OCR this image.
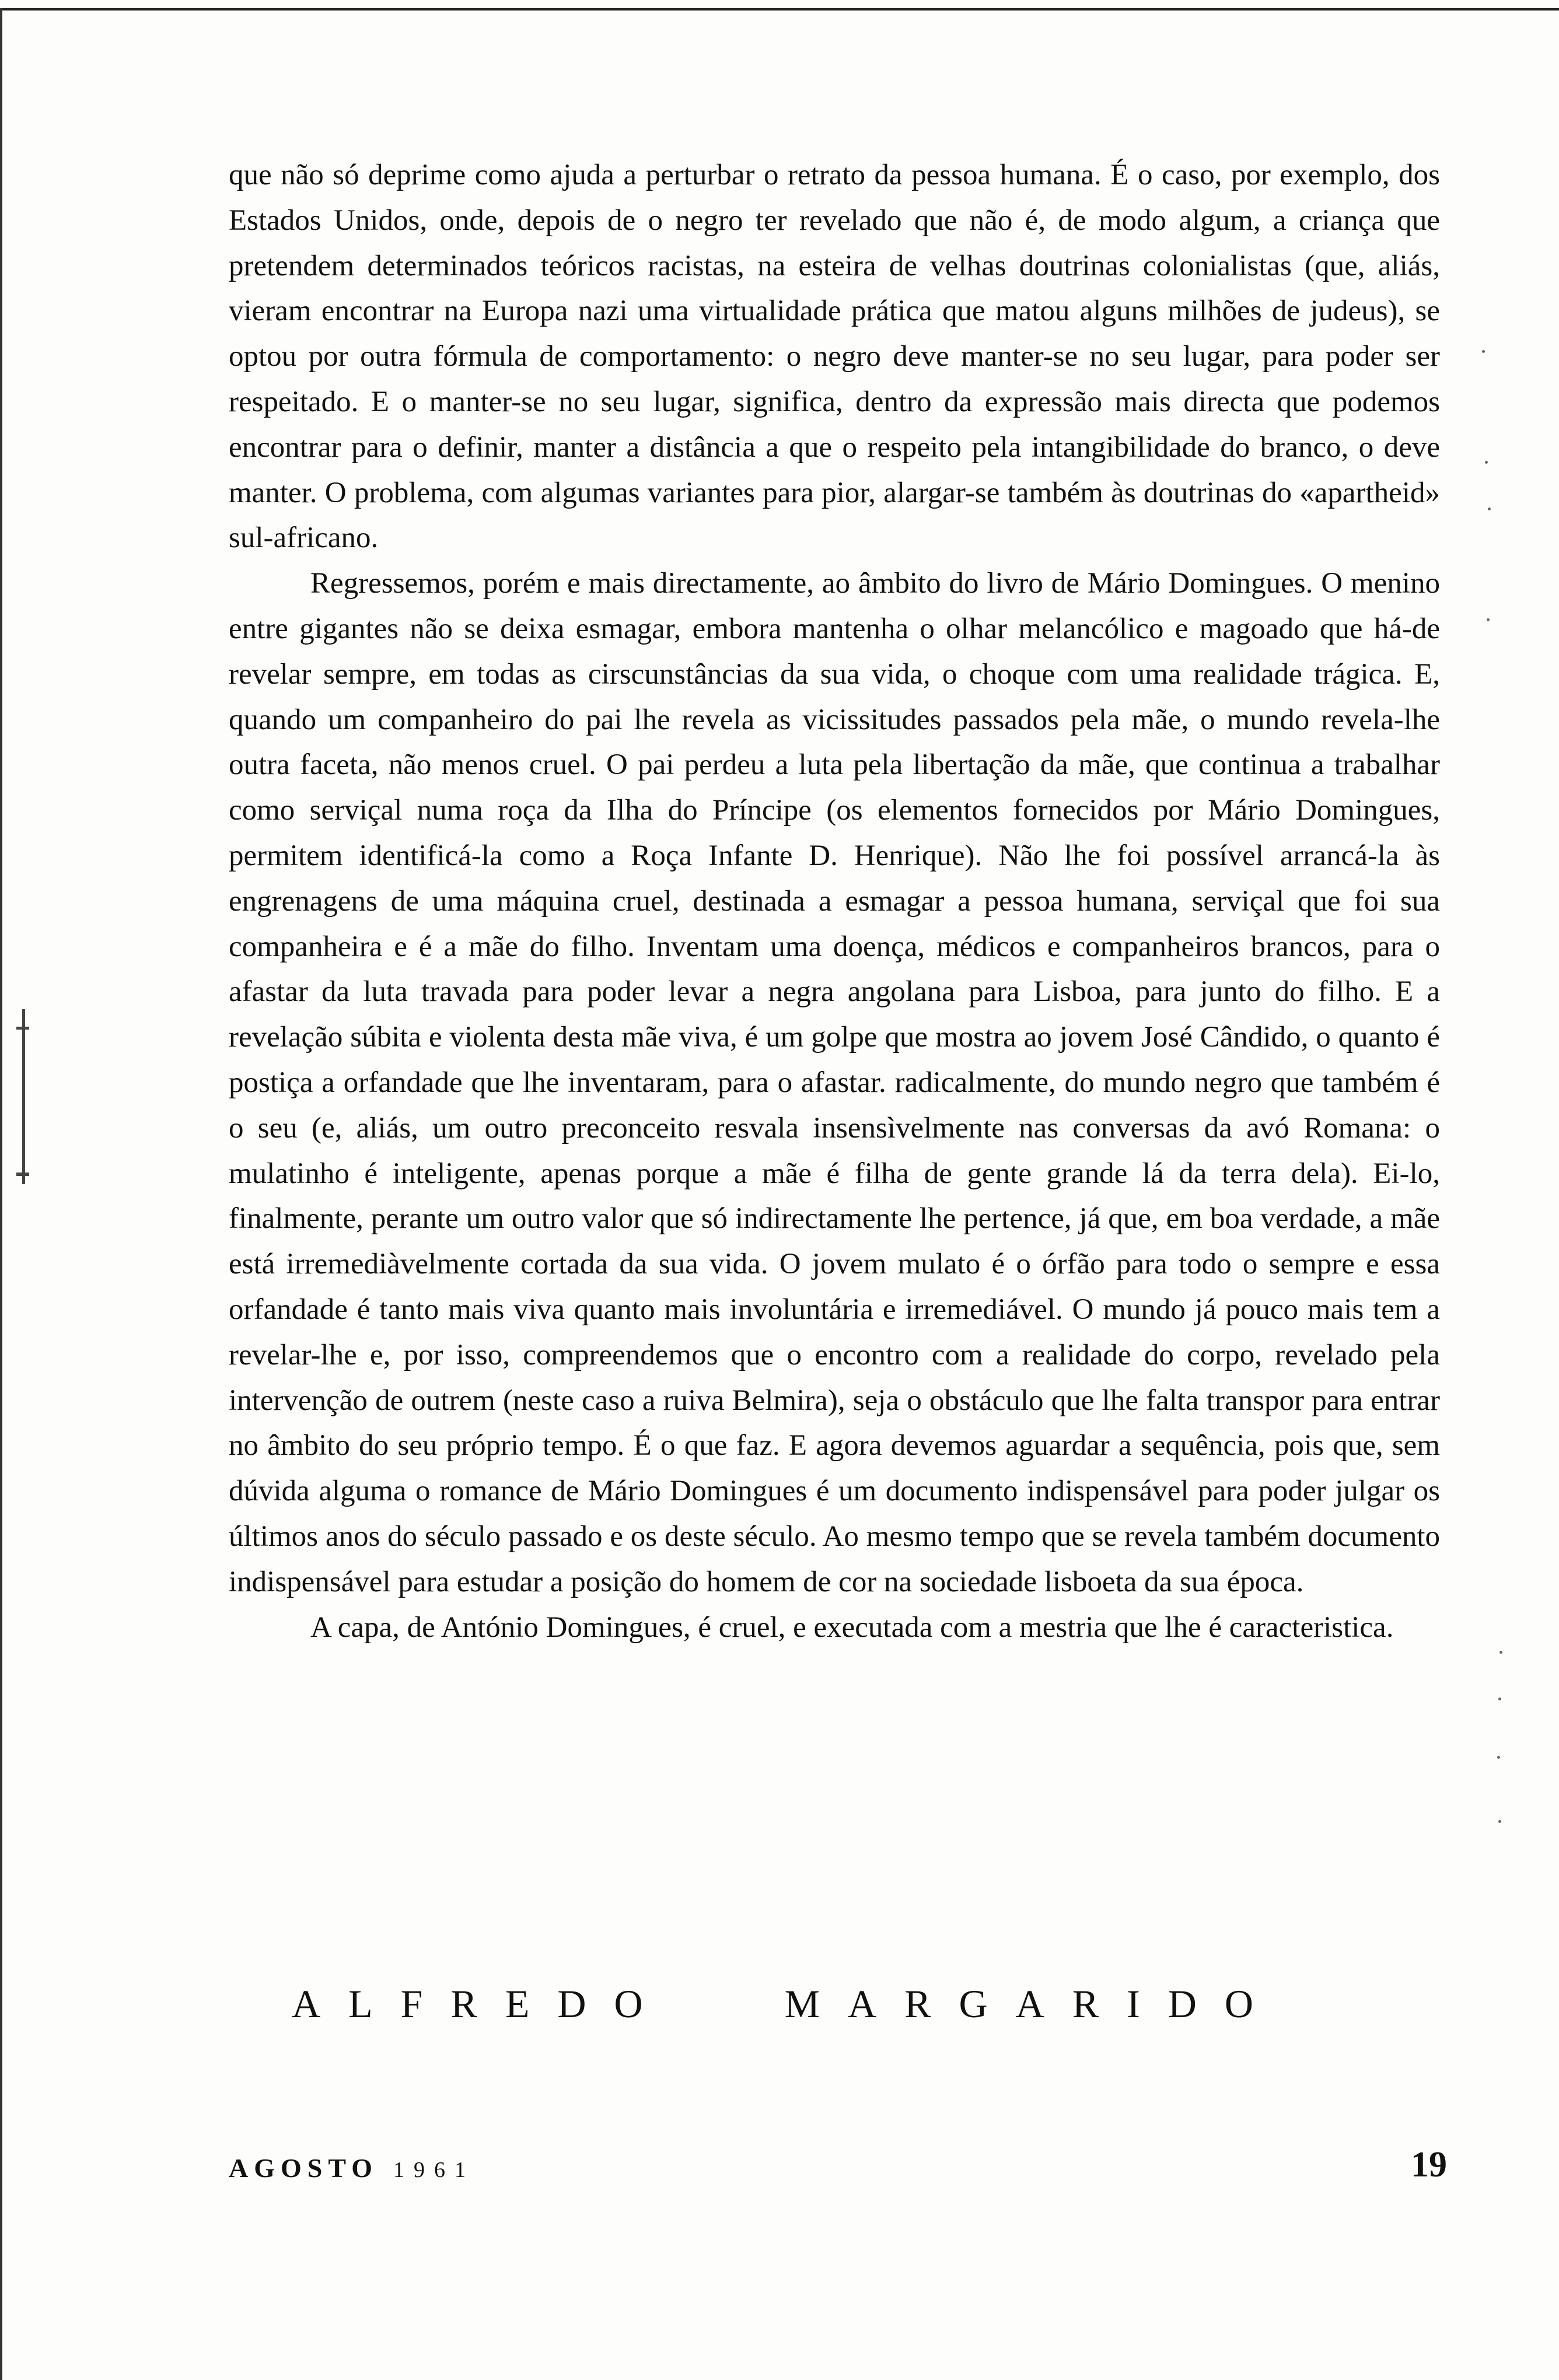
que não só deprime como ajuda a perturbar o retrato da pessoa humana. É o caso, por exemplo, dos Estados Unidos, onde, depois de o negro ter revelado que não é, de modo algum, a criança que pretendem determinados teóricos racistas, na esteira de velhas doutrinas colonialistas (que, aliás, vieram encontrar na Europa nazi uma virtualidade prática que matou alguns milhões de judeus), se optou por outra fórmula de comportamento: o negro deve manter-se no seu lugar, para poder ser respeitado. E o manter-se no seu lugar, significa, dentro da expressão mais directa que podemos encontrar para o definir, manter a distância a que o respeito pela intangibilidade do branco, o deve manter. O problema, com algumas variantes para pior, alargar-se também às doutrinas do «apartheid» sul-africano.

Regressemos, porém e mais directamente, ao âmbito do livro de Mário Domingues. O menino entre gigantes não se deixa esmagar, embora mantenha o olhar melancólico e magoado que há-de revelar sempre, em todas as cirscunstâncias da sua vida, o choque com uma realidade trágica. E, quando um companheiro do pai lhe revela as vicissitudes passados pela mãe, o mundo revela-lhe outra faceta, não menos cruel. O pai perdeu a luta pela libertação da mãe, que continua a trabalhar como serviçal numa roça da Ilha do Príncipe (os elementos fornecidos por Mário Domingues, permitem identificá-la como a Roça Infante D. Henrique). Não lhe foi possível arrancá-la às engrenagens de uma máquina cruel, destinada a esmagar a pessoa humana, serviçal que foi sua companheira e é a mãe do filho. Inventam uma doença, médicos e companheiros brancos, para o afastar da luta travada para poder levar a negra angolana para Lisboa, para junto do filho. E a revelação súbita e violenta desta mãe viva, é um golpe que mostra ao jovem José Cândido, o quanto é postiça a orfandade que lhe inventaram, para o afastar. radicalmente, do mundo negro que também é o seu (e, aliás, um outro preconceito resvala insensìvelmente nas conversas da avó Romana: o mulatinho é inteligente, apenas porque a mãe é filha de gente grande lá da terra dela). Ei-lo, finalmente, perante um outro valor que só indirectamente lhe pertence, já que, em boa verdade, a mãe está irremediàvelmente cortada da sua vida. O jovem mulato é o órfão para todo o sempre e essa orfandade é tanto mais viva quanto mais involuntária e irremediável. O mundo já pouco mais tem a revelar-lhe e, por isso, compreendemos que o encontro com a realidade do corpo, revelado pela intervenção de outrem (neste caso a ruiva Belmira), seja o obstáculo que lhe falta transpor para entrar no âmbito do seu próprio tempo. É o que faz. E agora devemos aguardar a sequência, pois que, sem dúvida alguma o romance de Mário Domingues é um documento indispensável para poder julgar os últimos anos do século passado e os deste século. Ao mesmo tempo que se revela também documento indispensável para estudar a posição do homem de cor na sociedade lisboeta da sua época.

A capa, de António Domingues, é cruel, e executada com a mestria que lhe é caracteristica.

ALFREDO   MARGARIDO
AGOSTO 1961	19
